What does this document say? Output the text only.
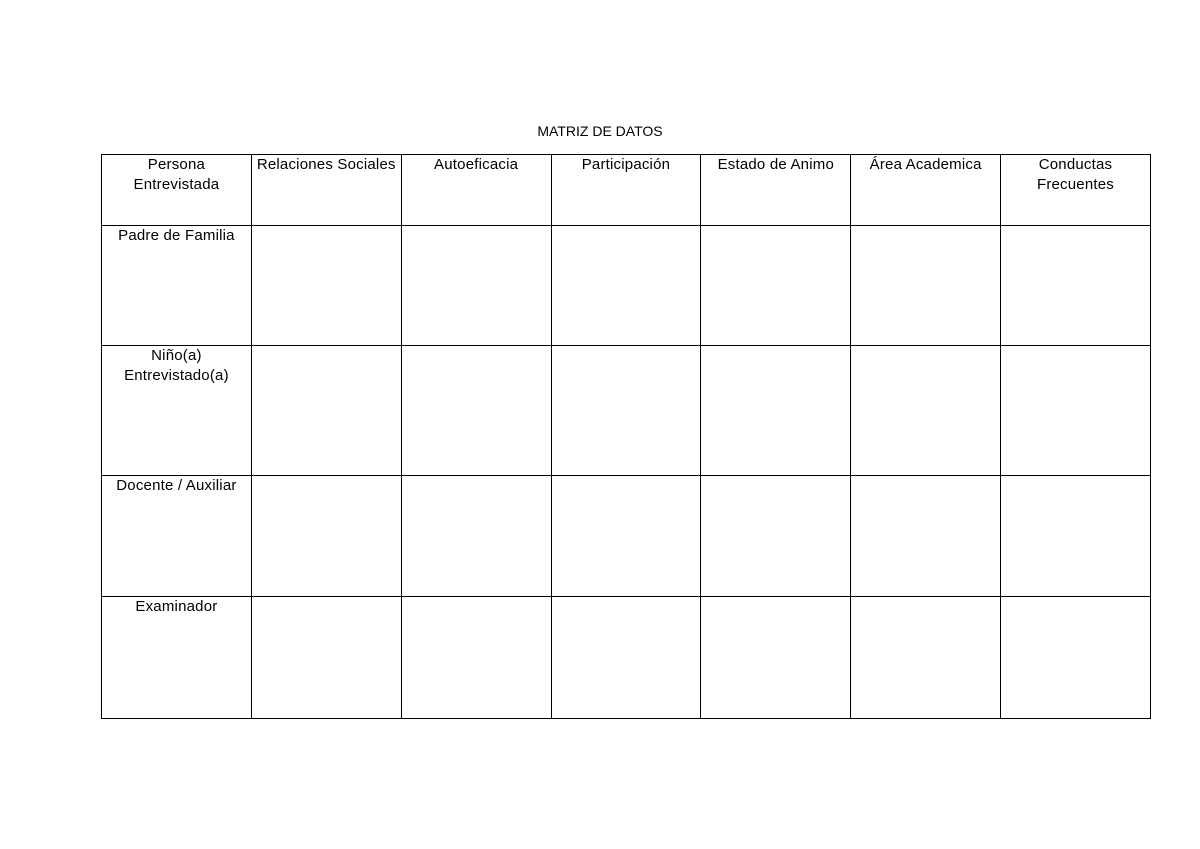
MATRIZ DE DATOS
Persona Entrevistada	Relaciones Sociales	Autoeficacia	Participación	Estado de Animo	Área Academica	Conductas Frecuentes

Padre de Familia						

Niño(a) Entrevistado(a)						

Docente / Auxiliar						

Examinador						
